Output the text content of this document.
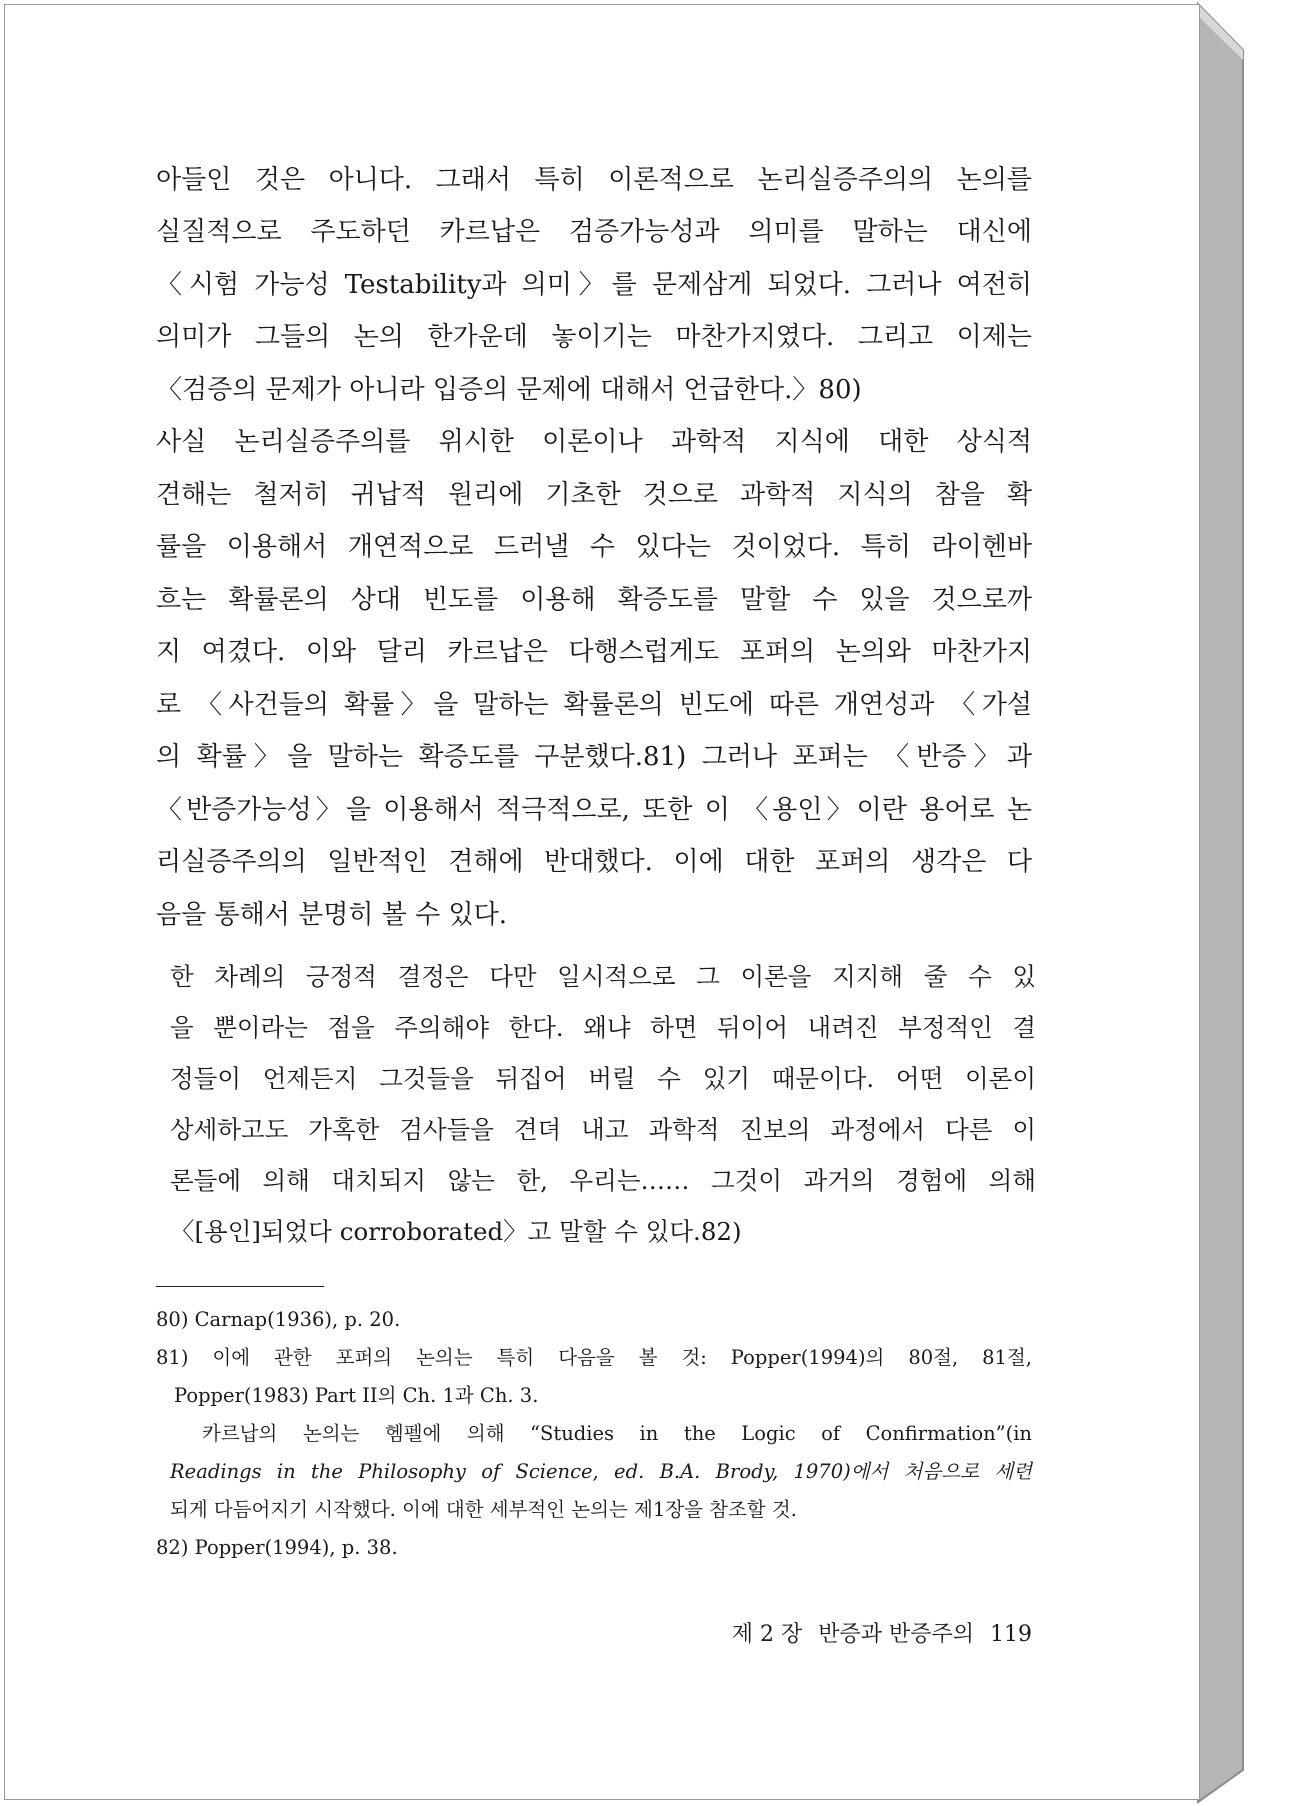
아들인 것은 아니다. 그래서 특히 이론적으로 논리실증주의의 논의를
실질적으로 주도하던 카르납은 검증가능성과 의미를 말하는 대신에
〈시험 가능성 Testability과 의미〉를 문제삼게 되었다. 그러나 여전히
의미가 그들의 논의 한가운데 놓이기는 마찬가지였다. 그리고 이제는
〈검증의 문제가 아니라 입증의 문제에 대해서 언급한다.〉80)
사실 논리실증주의를 위시한 이론이나 과학적 지식에 대한 상식적
견해는 철저히 귀납적 원리에 기초한 것으로 과학적 지식의 참을 확
률을 이용해서 개연적으로 드러낼 수 있다는 것이었다. 특히 라이헨바
흐는 확률론의 상대 빈도를 이용해 확증도를 말할 수 있을 것으로까
지 여겼다. 이와 달리 카르납은 다행스럽게도 포퍼의 논의와 마찬가지
로 〈사건들의 확률〉을 말하는 확률론의 빈도에 따른 개연성과 〈가설
의 확률〉을 말하는 확증도를 구분했다.81) 그러나 포퍼는 〈반증〉과
〈반증가능성〉을 이용해서 적극적으로, 또한 이 〈용인〉이란 용어로 논
리실증주의의 일반적인 견해에 반대했다. 이에 대한 포퍼의 생각은 다
음을 통해서 분명히 볼 수 있다.
한 차례의 긍정적 결정은 다만 일시적으로 그 이론을 지지해 줄 수 있
을 뿐이라는 점을 주의해야 한다. 왜냐 하면 뒤이어 내려진 부정적인 결
정들이 언제든지 그것들을 뒤집어 버릴 수 있기 때문이다. 어떤 이론이
상세하고도 가혹한 검사들을 견뎌 내고 과학적 진보의 과정에서 다른 이
론들에 의해 대치되지 않는 한, 우리는…… 그것이 과거의 경험에 의해
〈[용인]되었다 corroborated〉고 말할 수 있다.82)
80) Carnap(1936), p. 20.
81) 이에 관한 포퍼의 논의는 특히 다음을 볼 것: Popper(1994)의 80절, 81절,
Popper(1983) Part II의 Ch. 1과 Ch. 3.
카르납의 논의는 헴펠에 의해 “Studies in the Logic of Confirmation”(in
Readings in the Philosophy of Science, ed. B.A. Brody, 1970)에서 처음으로 세련
되게 다듬어지기 시작했다. 이에 대한 세부적인 논의는 제1장을 참조할 것.
82) Popper(1994), p. 38.
제 2 장 반증과 반증주의 119
